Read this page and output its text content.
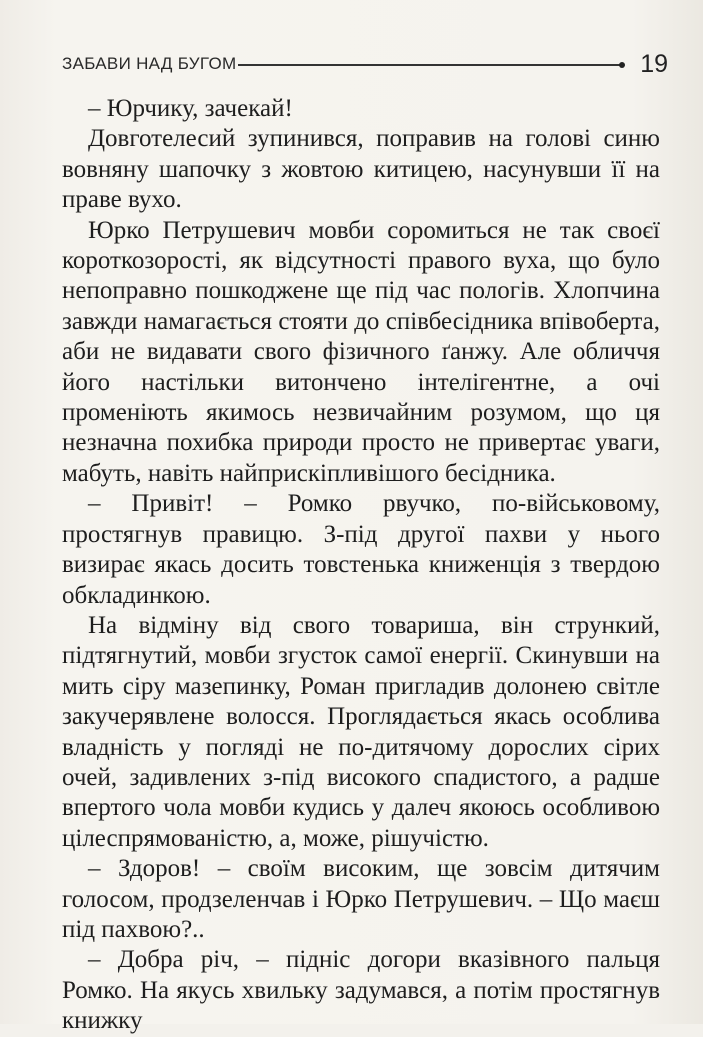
ЗАБАВИ НАД БУГОМ	19

– Юрчику, зачекай!

Довготелесий зупинився, поправив на голові синю вовняну шапочку з жовтою китицею, насунувши її на праве вухо.

Юрко Петрушевич мовби соромиться не так своєї короткозорості, як відсутності правого вуха, що було непоправно пошкоджене ще під час пологів. Хлопчина завжди намагається стояти до співбесідника впівоберта, аби не видавати свого фізичного ґанжу. Але обличчя його настільки витончено інтелігентне, а очі променіють якимось незвичайним розумом, що ця незначна похибка природи просто не привертає уваги, мабуть, навіть найприскіпливішого бесідника.

– Привіт! – Ромко рвучко, по-військовому, простягнув правицю. З-під другої пахви у нього визирає якась досить товстенька книженція з твердою обкладинкою.

На відміну від свого товариша, він стрункий, підтягнутий, мовби згусток самої енергії. Скинувши на мить сіру мазепинку, Роман пригладив долонею світле закучерявлене волосся. Проглядається якась особлива владність у погляді не по-дитячому дорослих сірих очей, задивлених з-під високого спадистого, а радше впертого чола мовби кудись у далеч якоюсь особливою цілеспрямованістю, а, може, рішучістю.

– Здоров! – своїм високим, ще зовсім дитячим голосом, продзеленчав і Юрко Петрушевич. – Що маєш під пахвою?..

– Добра річ, – підніс догори вказівного пальця Ромко. На якусь хвильку задумався, а потім простягнув книжку
